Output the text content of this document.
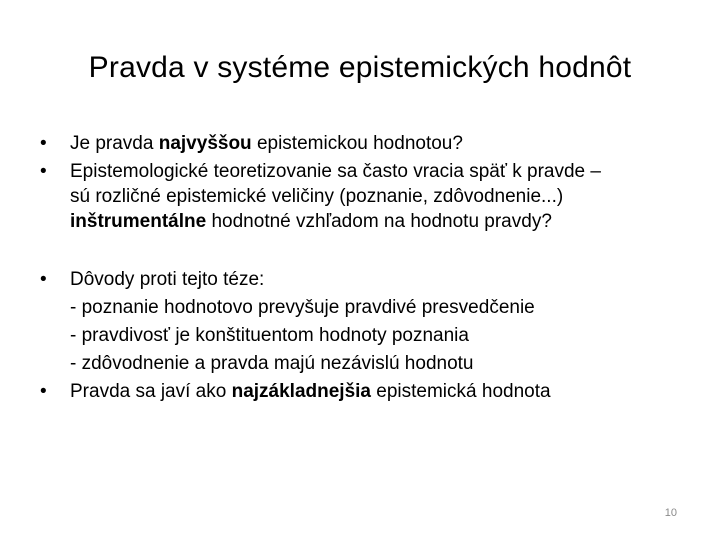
Pravda v systéme epistemických hodnôt
•	Je pravda najvyššou epistemickou hodnotou?
•	Epistemologické teoretizovanie sa často vracia späť k pravde –
sú rozličné epistemické veličiny (poznanie, zdôvodnenie...)
inštrumentálne hodnotné vzhľadom na hodnotu pravdy?
•	Dôvody proti tejto téze:
- poznanie hodnotovo prevyšuje pravdivé presvedčenie
- pravdivosť je konštituentom hodnoty poznania
- zdôvodnenie a pravda majú nezávislú hodnotu
•	Pravda sa javí ako najzákladnejšia epistemická hodnota
10
